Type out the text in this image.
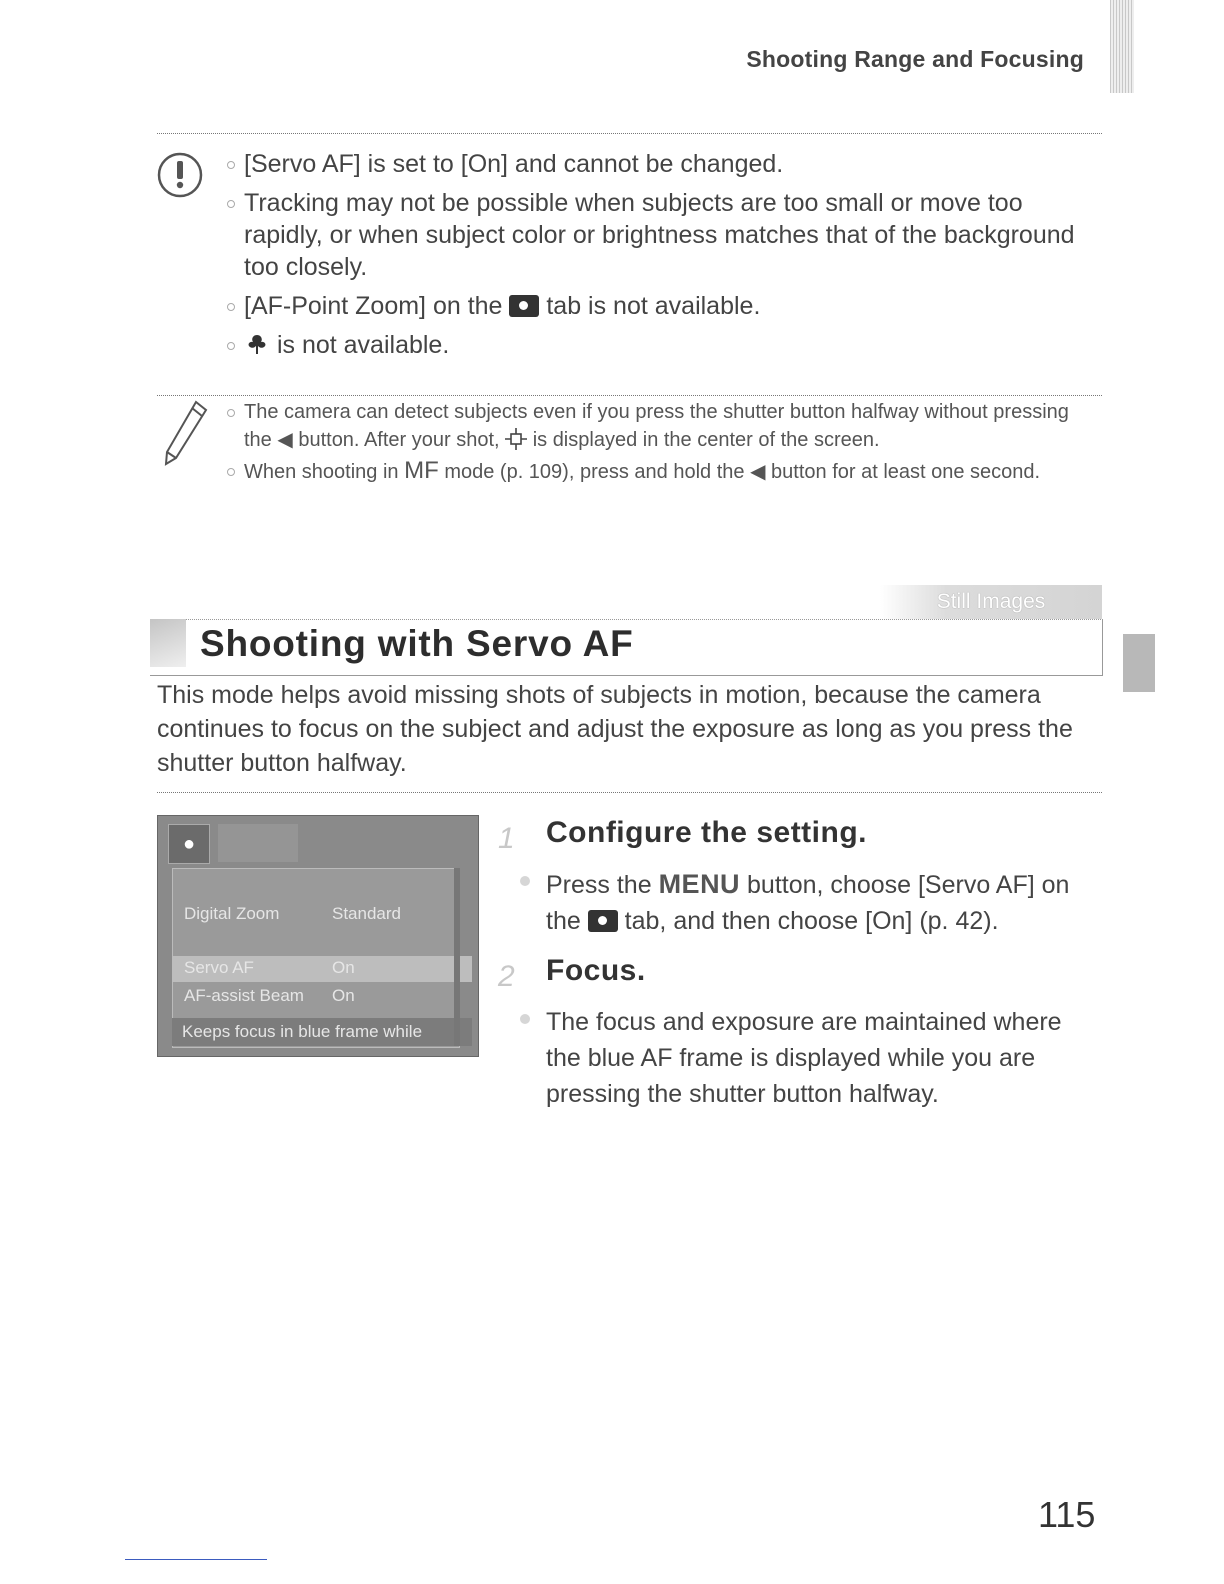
Shooting Range and Focusing
[Servo AF] is set to [On] and cannot be changed.
Tracking may not be possible when subjects are too small or move too rapidly, or when subject color or brightness matches that of the background too closely.
[AF-Point Zoom] on the tab is not available.
is not available.
The camera can detect subjects even if you press the shutter button halfway without pressing the ◀ button. After your shot, is displayed in the center of the screen.
When shooting in MF mode (p. 109), press and hold the ◀ button for at least one second.
Still Images
Shooting with Servo AF

This mode helps avoid missing shots of subjects in motion, because the camera continues to focus on the subject and adjust the exposure as long as you press the shutter button halfway.

●
Digital Zoom	Standard
Servo AF	On
AF-assist Beam On
Keeps focus in blue frame while
1 Configure the setting.

Press the MENU button, choose [Servo AF] on the tab, and then choose [On] (p. 42).

2 Focus.

The focus and exposure are maintained where the blue AF frame is displayed while you are pressing the shutter button halfway.

115
